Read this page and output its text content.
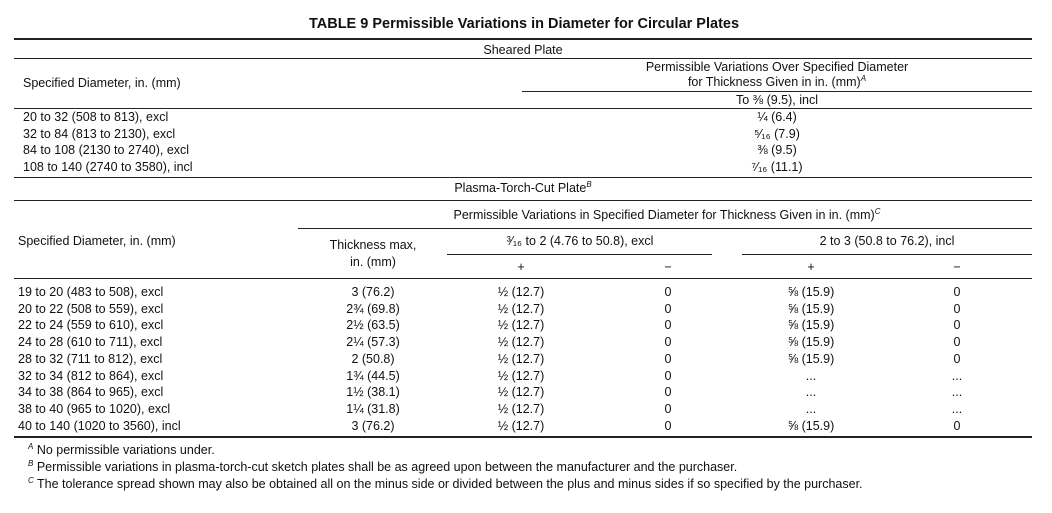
TABLE 9 Permissible Variations in Diameter for Circular Plates
Sheared Plate
Specified Diameter, in. (mm)
Permissible Variations Over Specified Diameter
for Thickness Given in in. (mm)$^A$
To ⅜ (9.5), incl
20 to 32 (508 to 813), excl	¼ (6.4)
32 to 84 (813 to 2130), excl	⁵⁄₁₆ (7.9)
84 to 108 (2130 to 2740), excl	⅜ (9.5)
108 to 140 (2740 to 3580), incl	⁷⁄₁₆ (11.1)
Plasma-Torch-Cut Plate$^B$
Permissible Variations in Specified Diameter for Thickness Given in in. (mm)$^C$
Specified Diameter, in. (mm)	Thickness max,
in. (mm)
³⁄₁₆ to 2 (4.76 to 50.8), excl	2 to 3 (50.8 to 76.2), incl
+	−	+	−
19 to 20 (483 to 508), excl	3 (76.2)	½ (12.7)	0	⅝ (15.9)	0
20 to 22 (508 to 559), excl	2¾ (69.8)	½ (12.7)	0	⅝ (15.9)	0
22 to 24 (559 to 610), excl	2½ (63.5)	½ (12.7)	0	⅝ (15.9)	0
24 to 28 (610 to 711), excl	2¼ (57.3)	½ (12.7)	0	⅝ (15.9)	0
28 to 32 (711 to 812), excl	2 (50.8)	½ (12.7)	0	⅝ (15.9)	0
32 to 34 (812 to 864), excl	1¾ (44.5)	½ (12.7)	0	...	...
34 to 38 (864 to 965), excl	1½ (38.1)	½ (12.7)	0	...	...
38 to 40 (965 to 1020), excl	1¼ (31.8)	½ (12.7)	0	...	...
40 to 140 (1020 to 3560), incl	3 (76.2)	½ (12.7)	0	⅝ (15.9)	0
$^A$ No permissible variations under.
$^B$ Permissible variations in plasma-torch-cut sketch plates shall be as agreed upon between the manufacturer and the purchaser.
$^C$ The tolerance spread shown may also be obtained all on the minus side or divided between the plus and minus sides if so specified by the purchaser.
